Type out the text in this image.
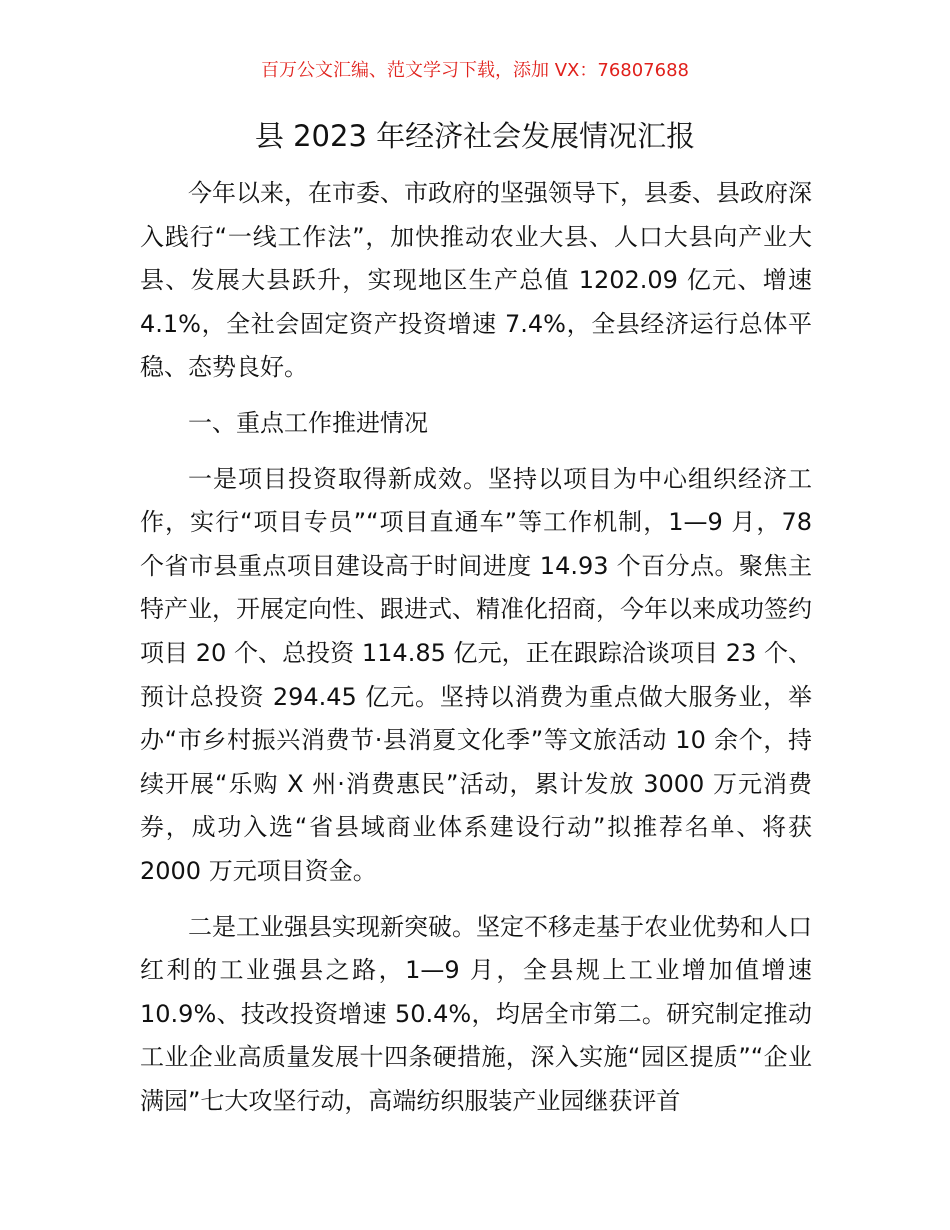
百万公文汇编、范文学习下载，添加 VX：76807688
县 2023 年经济社会发展情况汇报

今年以来，在市委、市政府的坚强领导下，县委、县政府深入践行“一线工作法”，加快推动农业大县、人口大县向产业大县、发展大县跃升，实现地区生产总值 1202.09 亿元、增速 4.1%，全社会固定资产投资增速 7.4%，全县经济运行总体平稳、态势良好。

一、重点工作推进情况

一是项目投资取得新成效。坚持以项目为中心组织经济工作，实行“项目专员”“项目直通车”等工作机制，1—9 月，78 个省市县重点项目建设高于时间进度 14.93 个百分点。聚焦主特产业，开展定向性、跟进式、精准化招商，今年以来成功签约项目 20 个、总投资 114.85 亿元，正在跟踪洽谈项目 23 个、预计总投资 294.45 亿元。坚持以消费为重点做大服务业，举办“市乡村振兴消费节·县消夏文化季”等文旅活动 10 余个，持续开展“乐购 X 州·消费惠民”活动，累计发放 3000 万元消费券，成功入选“省县域商业体系建设行动”拟推荐名单、将获 2000 万元项目资金。

二是工业强县实现新突破。坚定不移走基于农业优势和人口红利的工业强县之路，1—9 月，全县规上工业增加值增速 10.9%、技改投资增速 50.4%，均居全市第二。研究制定推动工业企业高质量发展十四条硬措施，深入实施“园区提质”“企业满园”七大攻坚行动，高端纺织服装产业园继获评首
